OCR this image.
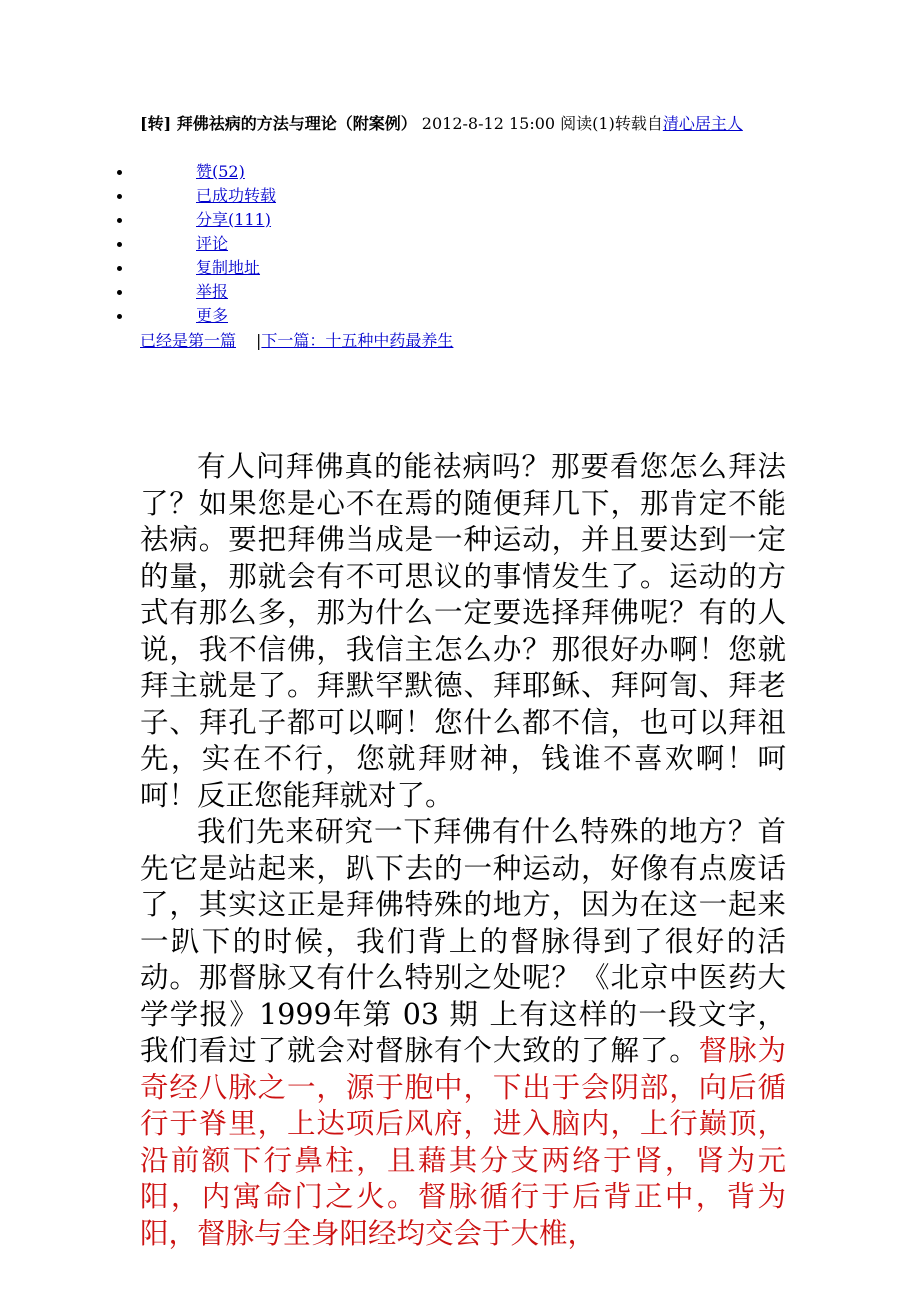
[转] 拜佛祛病的方法与理论（附案例） 2012-8-12 15:00 阅读(1)转载自清心居主人
赞(52)
已成功转载
分享(111)
评论
复制地址
举报
更多
已经是第一篇 |下一篇：十五种中药最养生

有人问拜佛真的能祛病吗？那要看您怎么拜法了？如果您是心不在焉的随便拜几下，那肯定不能祛病。要把拜佛当成是一种运动，并且要达到一定的量，那就会有不可思议的事情发生了。运动的方式有那么多，那为什么一定要选择拜佛呢？有的人说，我不信佛，我信主怎么办？那很好办啊！您就拜主就是了。拜默罕默德、拜耶稣、拜阿訇、拜老子、拜孔子都可以啊！您什么都不信，也可以拜祖先，实在不行，您就拜财神，钱谁不喜欢啊！呵呵！反正您能拜就对了。

我们先来研究一下拜佛有什么特殊的地方？首先它是站起来，趴下去的一种运动，好像有点废话了，其实这正是拜佛特殊的地方，因为在这一起来一趴下的时候，我们背上的督脉得到了很好的活动。那督脉又有什么特别之处呢？《北京中医药大学学报》1999年第 03 期 上有这样的一段文字，我们看过了就会对督脉有个大致的了解了。督脉为奇经八脉之一，源于胞中，下出于会阴部，向后循行于脊里，上达项后风府，进入脑内，上行巅顶，沿前额下行鼻柱，且藉其分支两络于肾，肾为元阳，内寓命门之火。督脉循行于后背正中，背为阳，督脉与全身阳经均交会于大椎，
